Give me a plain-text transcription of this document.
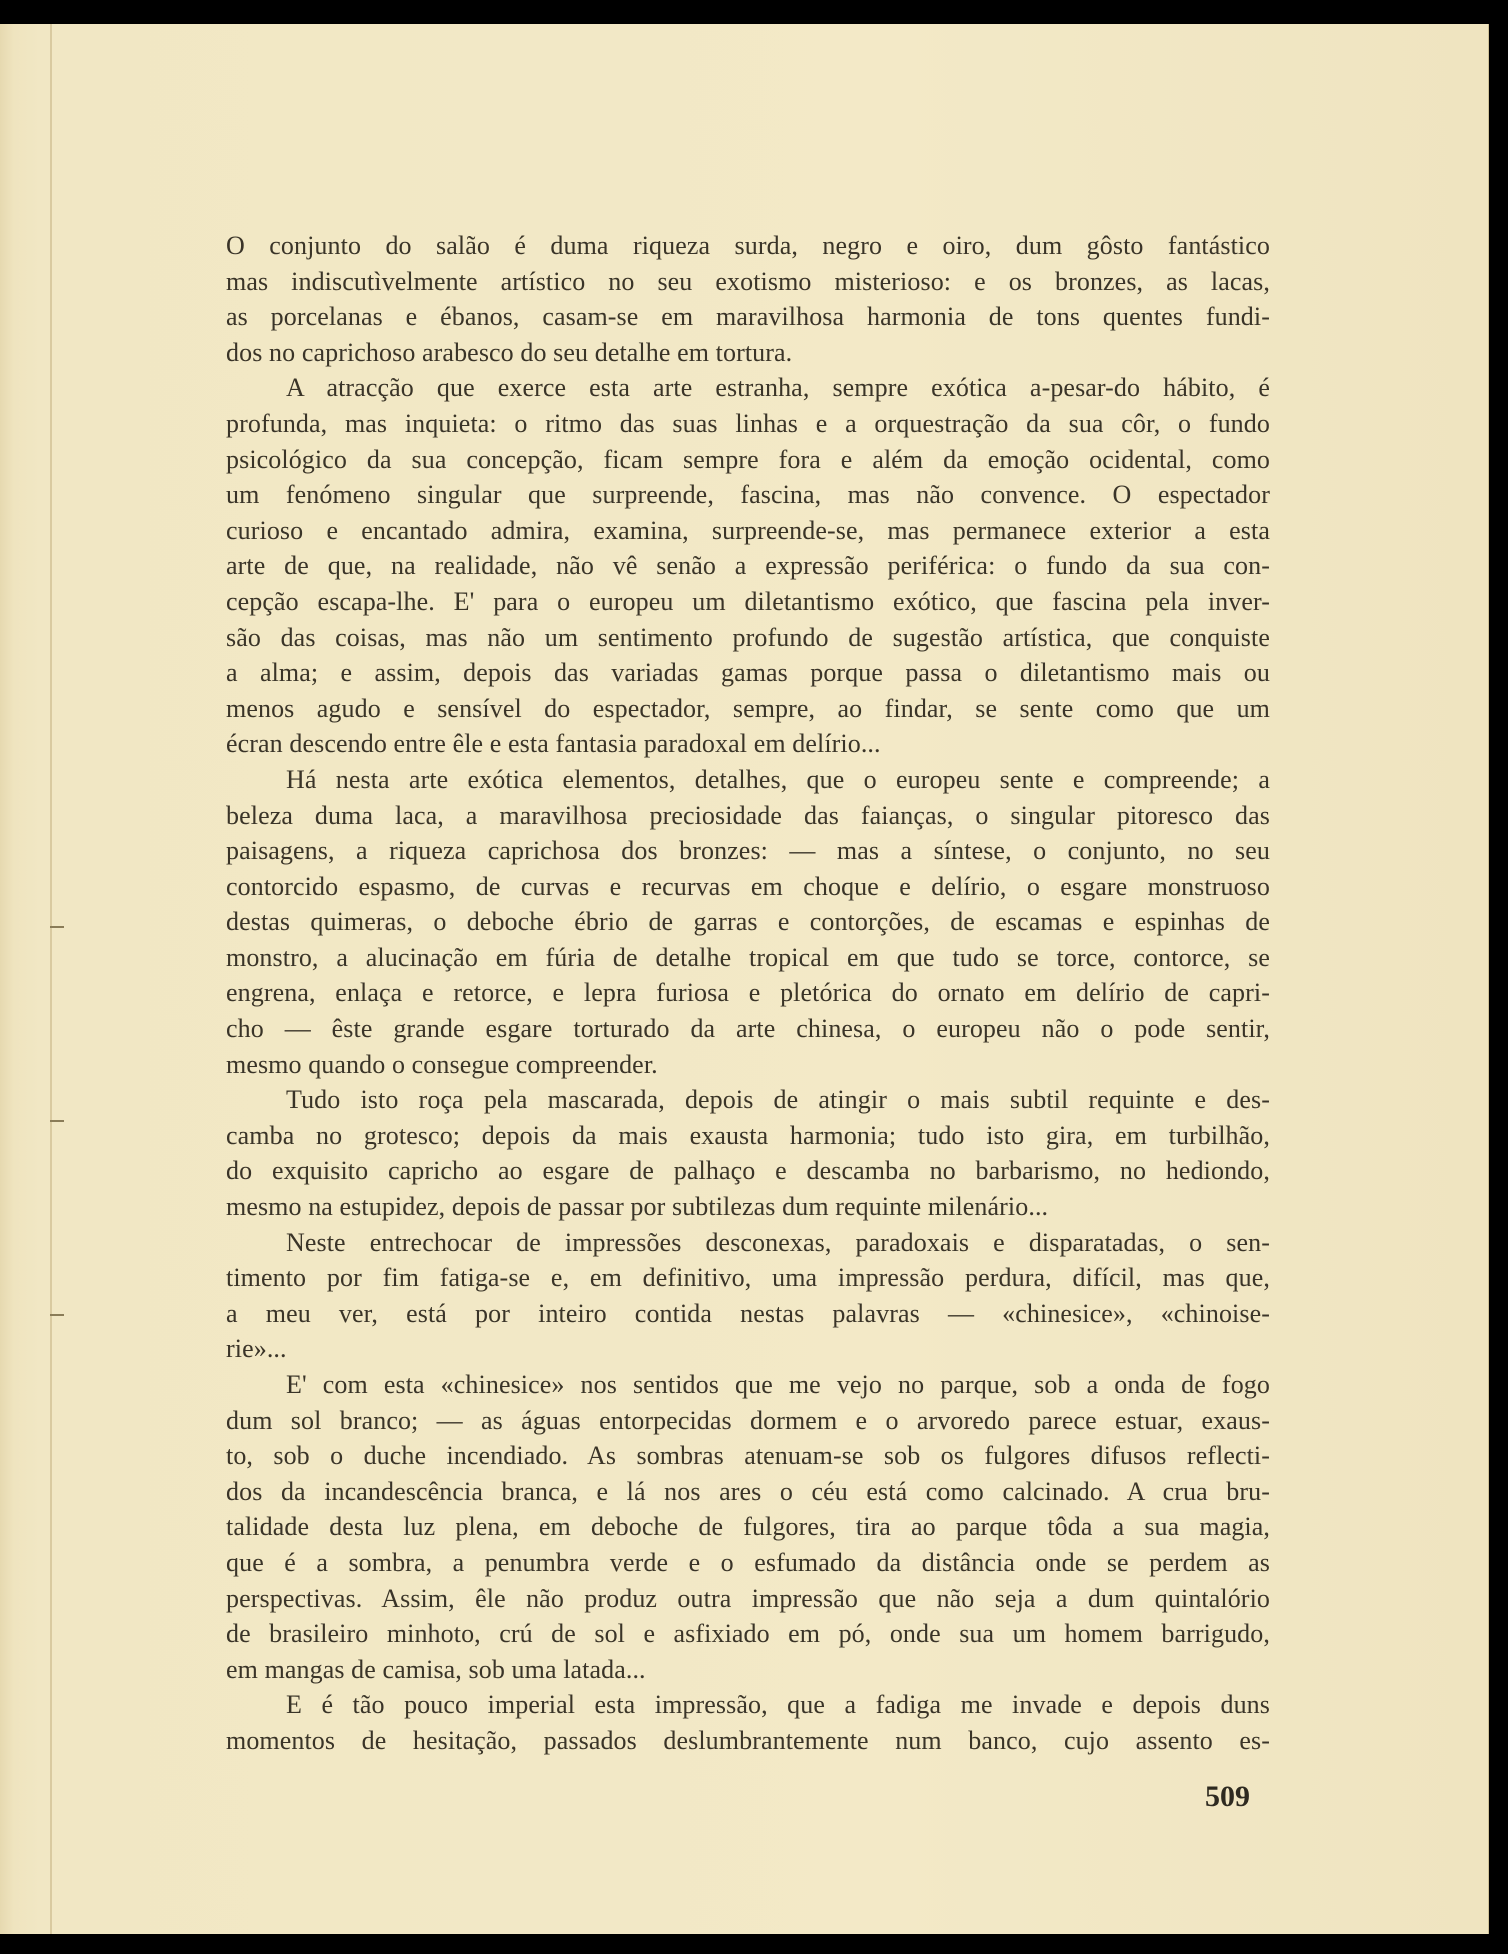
O conjunto do salão é duma riqueza surda, negro e oiro, dum gôsto fantástico
mas indiscutìvelmente artístico no seu exotismo misterioso: e os bronzes, as lacas,
as porcelanas e ébanos, casam-se em maravilhosa harmonia de tons quentes fundi-
dos no caprichoso arabesco do seu detalhe em tortura.
A atracção que exerce esta arte estranha, sempre exótica a-pesar-do hábito, é
profunda, mas inquieta: o ritmo das suas linhas e a orquestração da sua côr, o fundo
psicológico da sua concepção, ficam sempre fora e além da emoção ocidental, como
um fenómeno singular que surpreende, fascina, mas não convence. O espectador
curioso e encantado admira, examina, surpreende-se, mas permanece exterior a esta
arte de que, na realidade, não vê senão a expressão periférica: o fundo da sua con-
cepção escapa-lhe. E' para o europeu um diletantismo exótico, que fascina pela inver-
são das coisas, mas não um sentimento profundo de sugestão artística, que conquiste
a alma; e assim, depois das variadas gamas porque passa o diletantismo mais ou
menos agudo e sensível do espectador, sempre, ao findar, se sente como que um
écran descendo entre êle e esta fantasia paradoxal em delírio...
Há nesta arte exótica elementos, detalhes, que o europeu sente e compreende; a
beleza duma laca, a maravilhosa preciosidade das faianças, o singular pitoresco das
paisagens, a riqueza caprichosa dos bronzes: — mas a síntese, o conjunto, no seu
contorcido espasmo, de curvas e recurvas em choque e delírio, o esgare monstruoso
destas quimeras, o deboche ébrio de garras e contorções, de escamas e espinhas de
monstro, a alucinação em fúria de detalhe tropical em que tudo se torce, contorce, se
engrena, enlaça e retorce, e lepra furiosa e pletórica do ornato em delírio de capri-
cho — êste grande esgare torturado da arte chinesa, o europeu não o pode sentir,
mesmo quando o consegue compreender.
Tudo isto roça pela mascarada, depois de atingir o mais subtil requinte e des-
camba no grotesco; depois da mais exausta harmonia; tudo isto gira, em turbilhão,
do exquisito capricho ao esgare de palhaço e descamba no barbarismo, no hediondo,
mesmo na estupidez, depois de passar por subtilezas dum requinte milenário...
Neste entrechocar de impressões desconexas, paradoxais e disparatadas, o sen-
timento por fim fatiga-se e, em definitivo, uma impressão perdura, difícil, mas que,
a meu ver, está por inteiro contida nestas palavras — «chinesice», «chinoise-
rie»...
E' com esta «chinesice» nos sentidos que me vejo no parque, sob a onda de fogo
dum sol branco; — as águas entorpecidas dormem e o arvoredo parece estuar, exaus-
to, sob o duche incendiado. As sombras atenuam-se sob os fulgores difusos reflecti-
dos da incandescência branca, e lá nos ares o céu está como calcinado. A crua bru-
talidade desta luz plena, em deboche de fulgores, tira ao parque tôda a sua magia,
que é a sombra, a penumbra verde e o esfumado da distância onde se perdem as
perspectivas. Assim, êle não produz outra impressão que não seja a dum quintalório
de brasileiro minhoto, crú de sol e asfixiado em pó, onde sua um homem barrigudo,
em mangas de camisa, sob uma latada...
E é tão pouco imperial esta impressão, que a fadiga me invade e depois duns
momentos de hesitação, passados deslumbrantemente num banco, cujo assento es-
509
